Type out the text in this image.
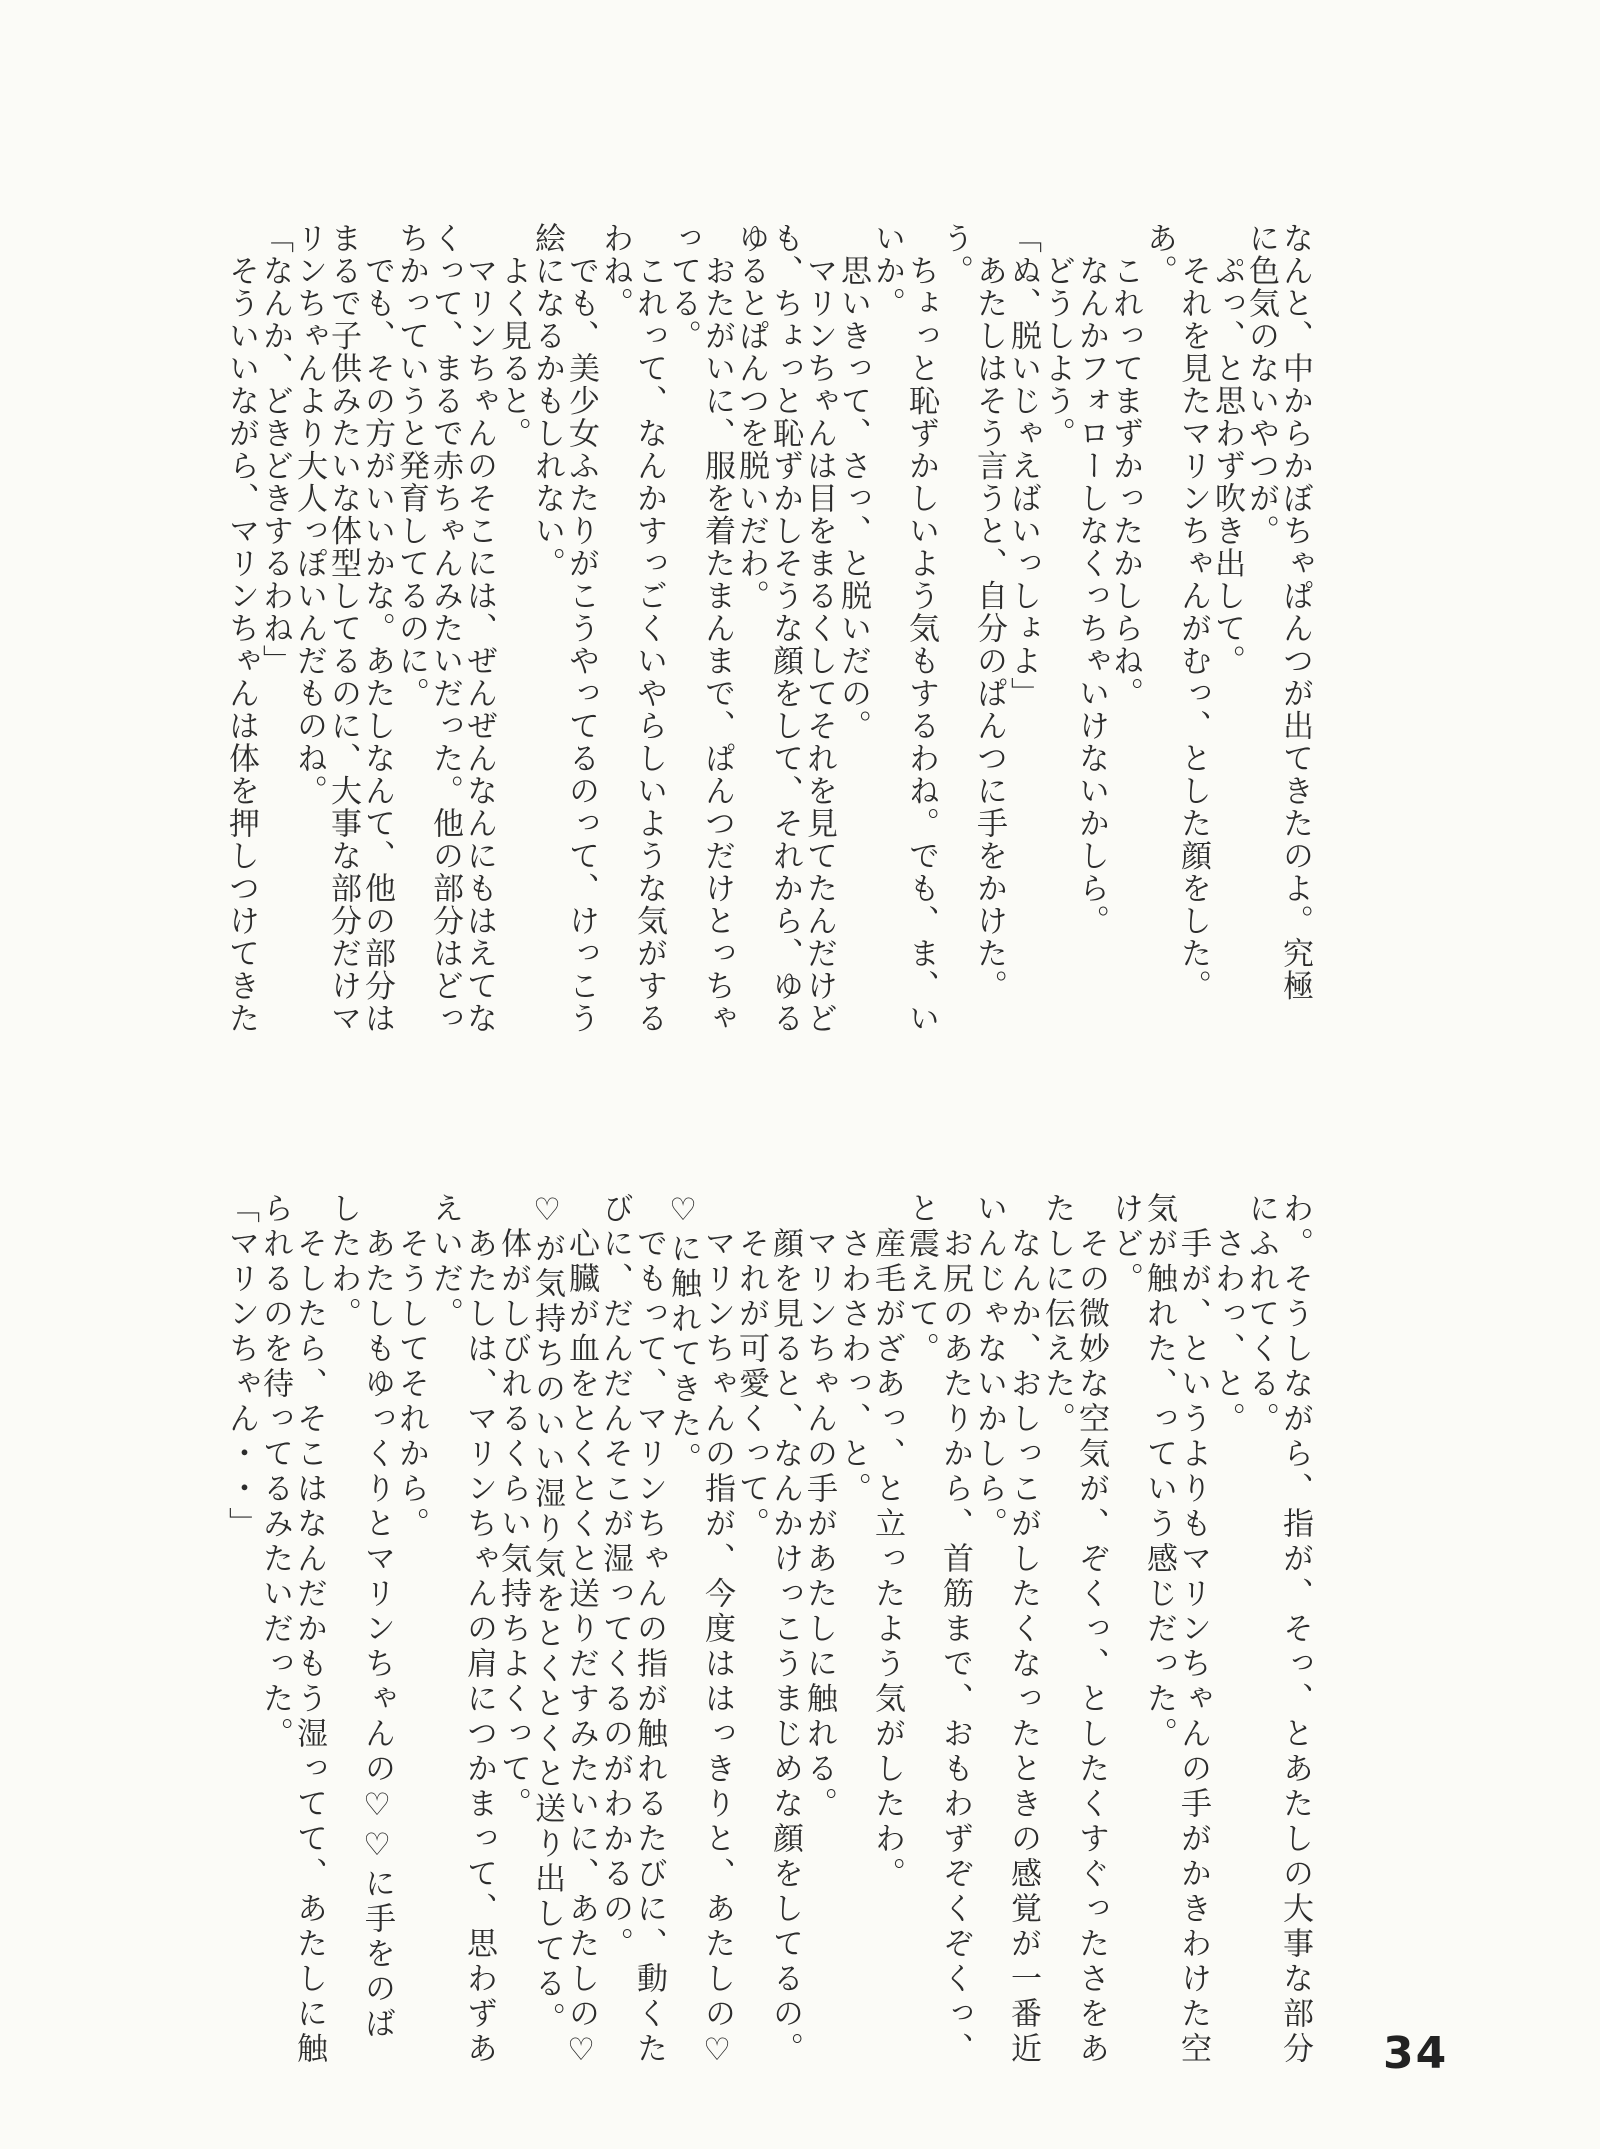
なんと、中からかぼちゃぱんつが出てきたのよ。究極
に色気のないやつが。
　ぷっ、と思わず吹き出して。
　それを見たマリンちゃんがむっ、とした顔をした。
あ。
　これってまずかったかしらね。
　なんかフォローしなくっちゃいけないかしら。
　どうしよう。
「ぬ、脱いじゃえばいっしょよ」
　あたしはそう言うと、自分のぱんつに手をかけた。
う。
　ちょっと恥ずかしいよう気もするわね。でも、ま、い
いか。
　思いきって、さっ、と脱いだの。
　マリンちゃんは目をまるくしてそれを見てたんだけど
も、ちょっと恥ずかしそうな顔をして、それから、ゆる
ゆるとぱんつを脱いだわ。
　おたがいに、服を着たまんまで、ぱんつだけとっちゃ
ってる。
　これって、なんかすっごくいやらしいような気がする
わね。
　でも、美少女ふたりがこうやってるのって、けっこう
絵になるかもしれない。
　よく見ると。
　マリンちゃんのそこには、ぜんぜんなんにもはえてな
くって、まるで赤ちゃんみたいだった。他の部分はどっ
ちかっていうと発育してるのに。
　でも、その方がいいかな。あたしなんて、他の部分は
まるで子供みたいな体型してるのに、大事な部分だけマ
リンちゃんより大人っぽいんだものね。
「なんか、どきどきするわね」
　そういいながら、マリンちゃんは体を押しつけてきた
わ。そうしながら、指が、そっ、とあたしの大事な部分
にふれてくる。
　さわっ、と。
　手が、というよりもマリンちゃんの手がかきわけた空
気が触れた、っていう感じだった。
けど。
　その微妙な空気が、ぞくっ、としたくすぐったさをあ
たしに伝えた。
　なんか、おしっこがしたくなったときの感覚が一番近
いんじゃないかしら。
　お尻のあたりから、首筋まで、おもわずぞくぞくっ、
と震えて。
　産毛がざあっ、と立ったよう気がしたわ。
　さわさわっ、と。
　マリンちゃんの手があたしに触れる。
　顔を見ると、なんかけっこうまじめな顔をしてるの。
　それが可愛くって。
　マリンちゃんの指が、今度ははっきりと、あたしの♡
♡に触れてきた。
　でもって、マリンちゃんの指が触れるたびに、動くた
びに、だんだんそこが湿ってくるのがわかるの。
　心臓が血をとくとくと送りだすみたいに、あたしの♡
♡が気持ちのいい湿り気をとくとくと送り出してる。
　体がしびれるくらい気持ちよくって。
　あたしは、マリンちゃんの肩につかまって、思わずあ
えいだ。
　そうしてそれから。
　あたしもゆっくりとマリンちゃんの♡♡に手をのば
したわ。
　そしたら、そこはなんだかもう湿ってて、あたしに触
られるのを待ってるみたいだった。
「マリンちゃん・・」
34
